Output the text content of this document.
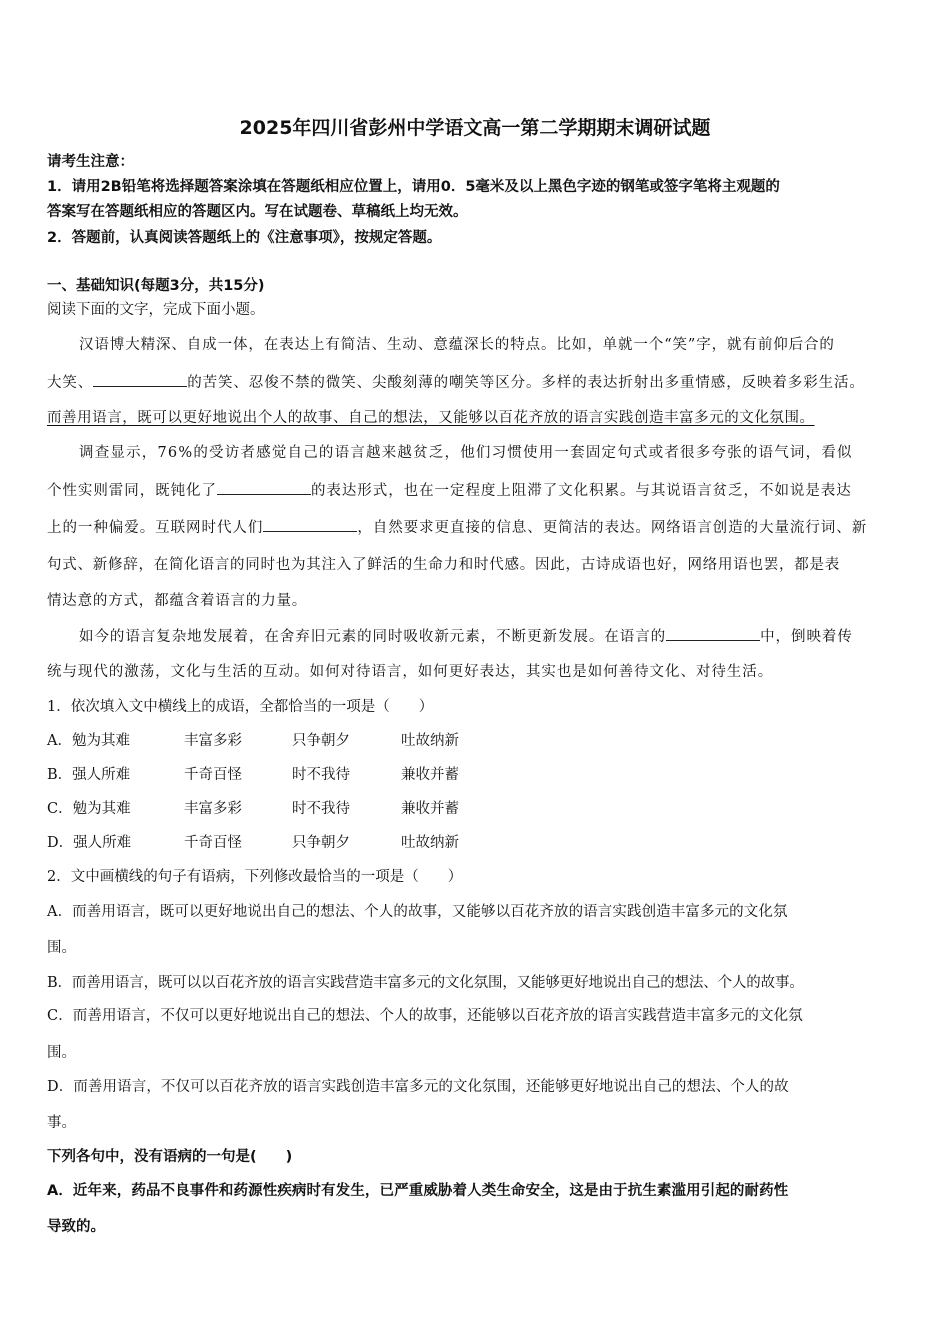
2025年四川省彭州中学语文高一第二学期期末调研试题
请考生注意：
1．请用2B铅笔将选择题答案涂填在答题纸相应位置上，请用0．5毫米及以上黑色字迹的钢笔或签字笔将主观题的
答案写在答题纸相应的答题区内。写在试题卷、草稿纸上均无效。
2．答题前，认真阅读答题纸上的《注意事项》，按规定答题。
一、基础知识(每题3分，共15分)
阅读下面的文字，完成下面小题。
汉语博大精深、自成一体，在表达上有简洁、生动、意蕴深长的特点。比如，单就一个“笑”字，就有前仰后合的
大笑、	的苦笑、忍俊不禁的微笑、尖酸刻薄的嘲笑等区分。多样的表达折射出多重情感，反映着多彩生活。
而善用语言，既可以更好地说出个人的故事、自己的想法，又能够以百花齐放的语言实践创造丰富多元的文化氛围。
调查显示，76%的受访者感觉自己的语言越来越贫乏，他们习惯使用一套固定句式或者很多夸张的语气词，看似
个性实则雷同，既钝化了	的表达形式，也在一定程度上阻滞了文化积累。与其说语言贫乏，不如说是表达
上的一种偏爱。互联网时代人们	，自然要求更直接的信息、更简洁的表达。网络语言创造的大量流行词、新
句式、新修辞，在简化语言的同时也为其注入了鲜活的生命力和时代感。因此，古诗成语也好，网络用语也罢，都是表
情达意的方式，都蕴含着语言的力量。
如今的语言复杂地发展着，在舍弃旧元素的同时吸收新元素，不断更新发展。在语言的	中，倒映着传
统与现代的激荡，文化与生活的互动。如何对待语言，如何更好表达，其实也是如何善待文化、对待生活。
1．依次填入文中横线上的成语，全都恰当的一项是（　　）
A．勉为其难	丰富多彩	只争朝夕	吐故纳新
B．强人所难	千奇百怪	时不我待	兼收并蓄
C．勉为其难	丰富多彩	时不我待	兼收并蓄
D．强人所难	千奇百怪	只争朝夕	吐故纳新
2．文中画横线的句子有语病，下列修改最恰当的一项是（　　）
A．而善用语言，既可以更好地说出自己的想法、个人的故事，又能够以百花齐放的语言实践创造丰富多元的文化氛
围。
B．而善用语言，既可以以百花齐放的语言实践营造丰富多元的文化氛围，又能够更好地说出自己的想法、个人的故事。
C．而善用语言，不仅可以更好地说出自己的想法、个人的故事，还能够以百花齐放的语言实践营造丰富多元的文化氛
围。
D．而善用语言，不仅可以百花齐放的语言实践创造丰富多元的文化氛围，还能够更好地说出自己的想法、个人的故
事。
下列各句中，没有语病的一句是(　　)
A．近年来，药品不良事件和药源性疾病时有发生，已严重威胁着人类生命安全，这是由于抗生素滥用引起的耐药性
导致的。
